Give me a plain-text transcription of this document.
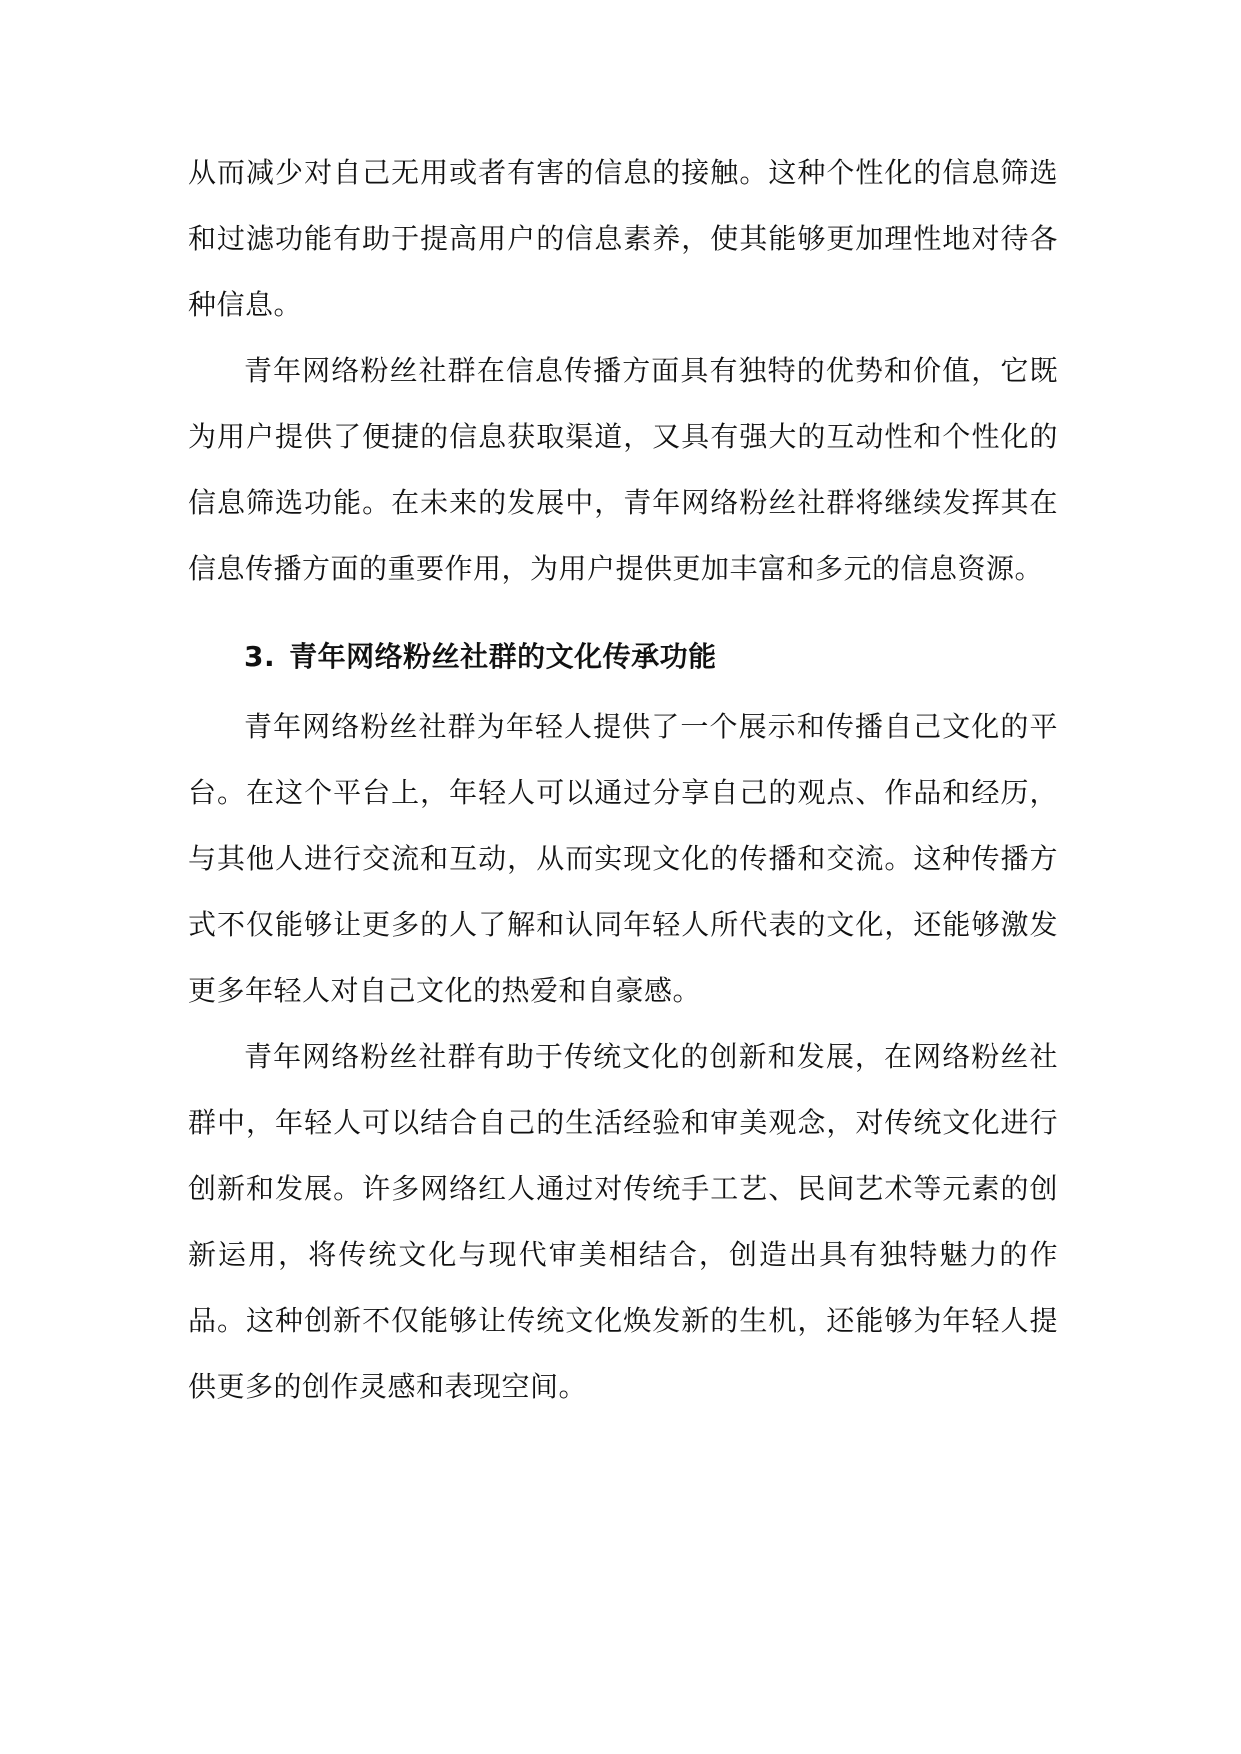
从而减少对自己无用或者有害的信息的接触。这种个性化的信息筛选和过滤功能有助于提高用户的信息素养，使其能够更加理性地对待各种信息。

青年网络粉丝社群在信息传播方面具有独特的优势和价值，它既为用户提供了便捷的信息获取渠道，又具有强大的互动性和个性化的信息筛选功能。在未来的发展中，青年网络粉丝社群将继续发挥其在信息传播方面的重要作用，为用户提供更加丰富和多元的信息资源。

3. 青年网络粉丝社群的文化传承功能

青年网络粉丝社群为年轻人提供了一个展示和传播自己文化的平台。在这个平台上，年轻人可以通过分享自己的观点、作品和经历，与其他人进行交流和互动，从而实现文化的传播和交流。这种传播方式不仅能够让更多的人了解和认同年轻人所代表的文化，还能够激发更多年轻人对自己文化的热爱和自豪感。

青年网络粉丝社群有助于传统文化的创新和发展，在网络粉丝社群中，年轻人可以结合自己的生活经验和审美观念，对传统文化进行创新和发展。许多网络红人通过对传统手工艺、民间艺术等元素的创新运用，将传统文化与现代审美相结合，创造出具有独特魅力的作品。这种创新不仅能够让传统文化焕发新的生机，还能够为年轻人提供更多的创作灵感和表现空间。
